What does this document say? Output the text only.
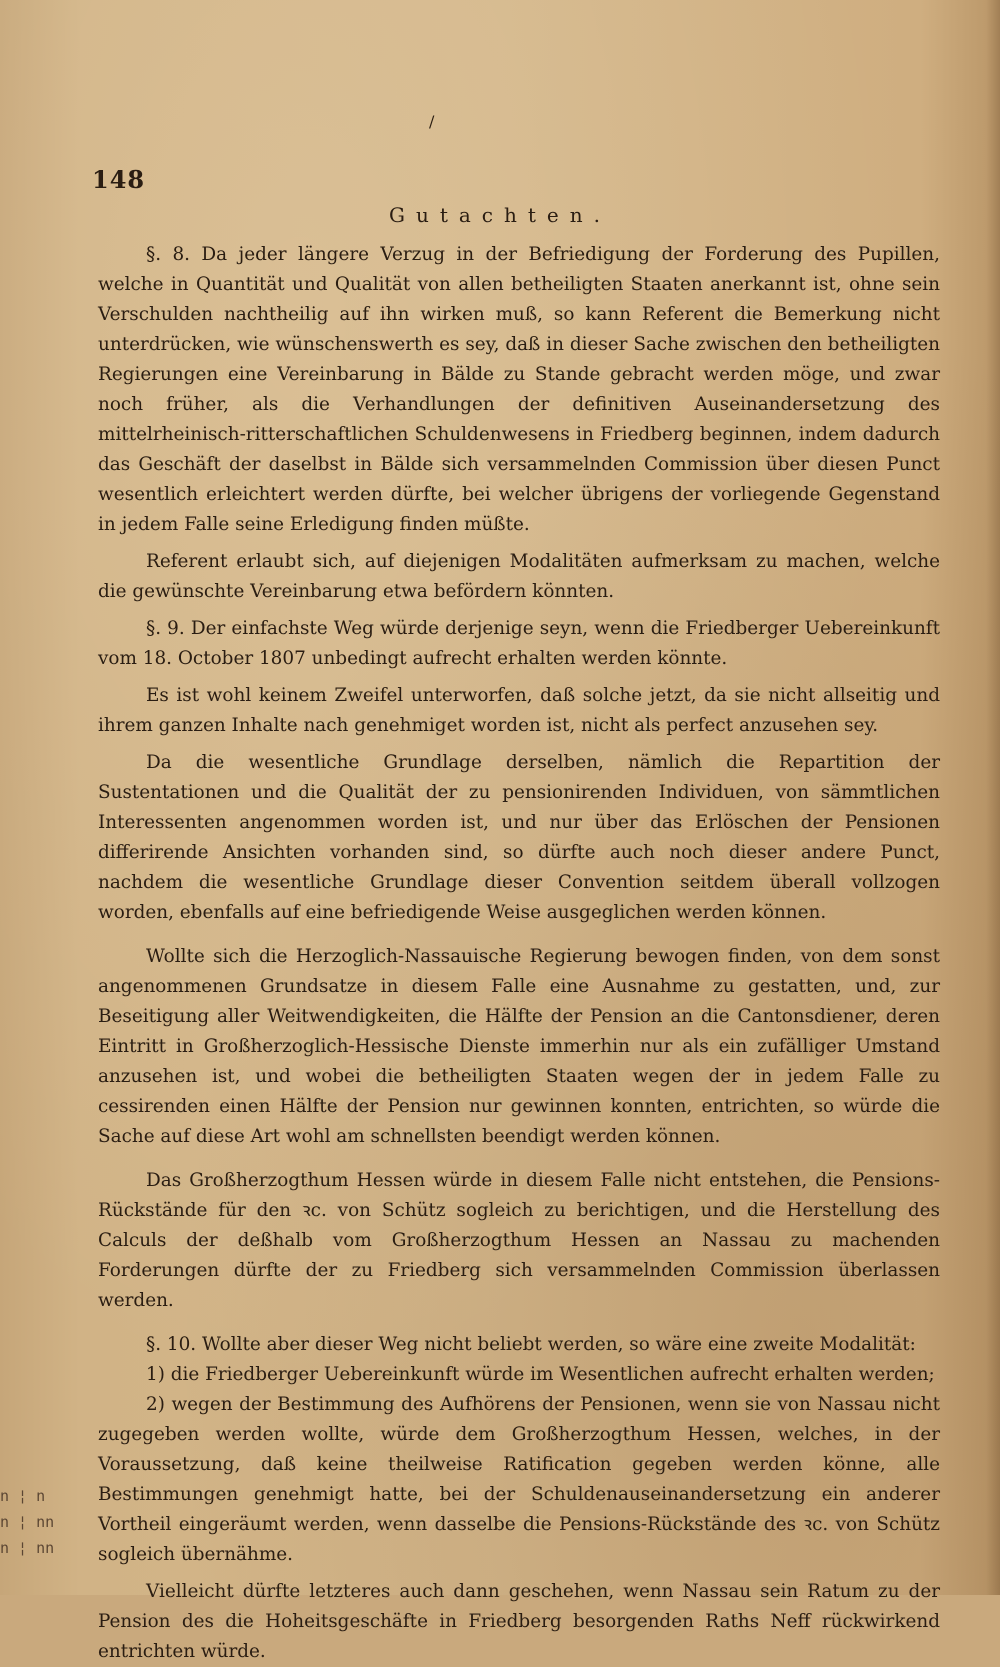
/
148
Gutachten.

§. 8. Da jeder längere Verzug in der Befriedigung der Forderung des Pupillen, welche in Quantität und Qualität von allen betheiligten Staaten anerkannt ist, ohne sein Verschulden nachtheilig auf ihn wirken muß, so kann Referent die Bemerkung nicht unterdrücken, wie wünschenswerth es sey, daß in dieser Sache zwischen den betheiligten Regierungen eine Vereinbarung in Bälde zu Stande gebracht werden möge, und zwar noch früher, als die Verhandlungen der definitiven Auseinandersetzung des mittelrheinisch-ritterschaftlichen Schuldenwesens in Friedberg beginnen, indem dadurch das Geschäft der daselbst in Bälde sich versammelnden Commission über diesen Punct wesentlich erleichtert werden dürfte, bei welcher übrigens der vorliegende Gegenstand in jedem Falle seine Erledigung finden müßte.

Referent erlaubt sich, auf diejenigen Modalitäten aufmerksam zu machen, welche die gewünschte Vereinbarung etwa befördern könnten.

§. 9. Der einfachste Weg würde derjenige seyn, wenn die Friedberger Uebereinkunft vom 18. October 1807 unbedingt aufrecht erhalten werden könnte.

Es ist wohl keinem Zweifel unterworfen, daß solche jetzt, da sie nicht allseitig und ihrem ganzen Inhalte nach genehmiget worden ist, nicht als perfect anzusehen sey.

Da die wesentliche Grundlage derselben, nämlich die Repartition der Sustentationen und die Qualität der zu pensionirenden Individuen, von sämmtlichen Interessenten angenommen worden ist, und nur über das Erlöschen der Pensionen differirende Ansichten vorhanden sind, so dürfte auch noch dieser andere Punct, nachdem die wesentliche Grundlage dieser Convention seitdem überall vollzogen worden, ebenfalls auf eine befriedigende Weise ausgeglichen werden können.

Wollte sich die Herzoglich-Nassauische Regierung bewogen finden, von dem sonst angenommenen Grundsatze in diesem Falle eine Ausnahme zu gestatten, und, zur Beseitigung aller Weitwendigkeiten, die Hälfte der Pension an die Cantonsdiener, deren Eintritt in Großherzoglich-Hessische Dienste immerhin nur als ein zufälliger Umstand anzusehen ist, und wobei die betheiligten Staaten wegen der in jedem Falle zu cessirenden einen Hälfte der Pension nur gewinnen konnten, entrichten, so würde die Sache auf diese Art wohl am schnellsten beendigt werden können.

Das Großherzogthum Hessen würde in diesem Falle nicht entstehen, die Pensions-Rückstände für den ꝛc. von Schütz sogleich zu berichtigen, und die Herstellung des Calculs der deßhalb vom Großherzogthum Hessen an Nassau zu machenden Forderungen dürfte der zu Friedberg sich versammelnden Commission überlassen werden.

§. 10. Wollte aber dieser Weg nicht beliebt werden, so wäre eine zweite Modalität:

1) die Friedberger Uebereinkunft würde im Wesentlichen aufrecht erhalten werden;

2) wegen der Bestimmung des Aufhörens der Pensionen, wenn sie von Nassau nicht zugegeben werden wollte, würde dem Großherzogthum Hessen, welches, in der Voraussetzung, daß keine theilweise Ratification gegeben werden könne, alle Bestimmungen genehmigt hatte, bei der Schuldenauseinandersetzung ein anderer Vortheil eingeräumt werden, wenn dasselbe die Pensions-Rückstände des ꝛc. von Schütz sogleich übernähme.

Vielleicht dürfte letzteres auch dann geschehen, wenn Nassau sein Ratum zu der Pension des die Hoheitsgeschäfte in Friedberg besorgenden Raths Neff rückwirkend entrichten würde.

n ¦ n
n ¦ nn
n ¦ nn
